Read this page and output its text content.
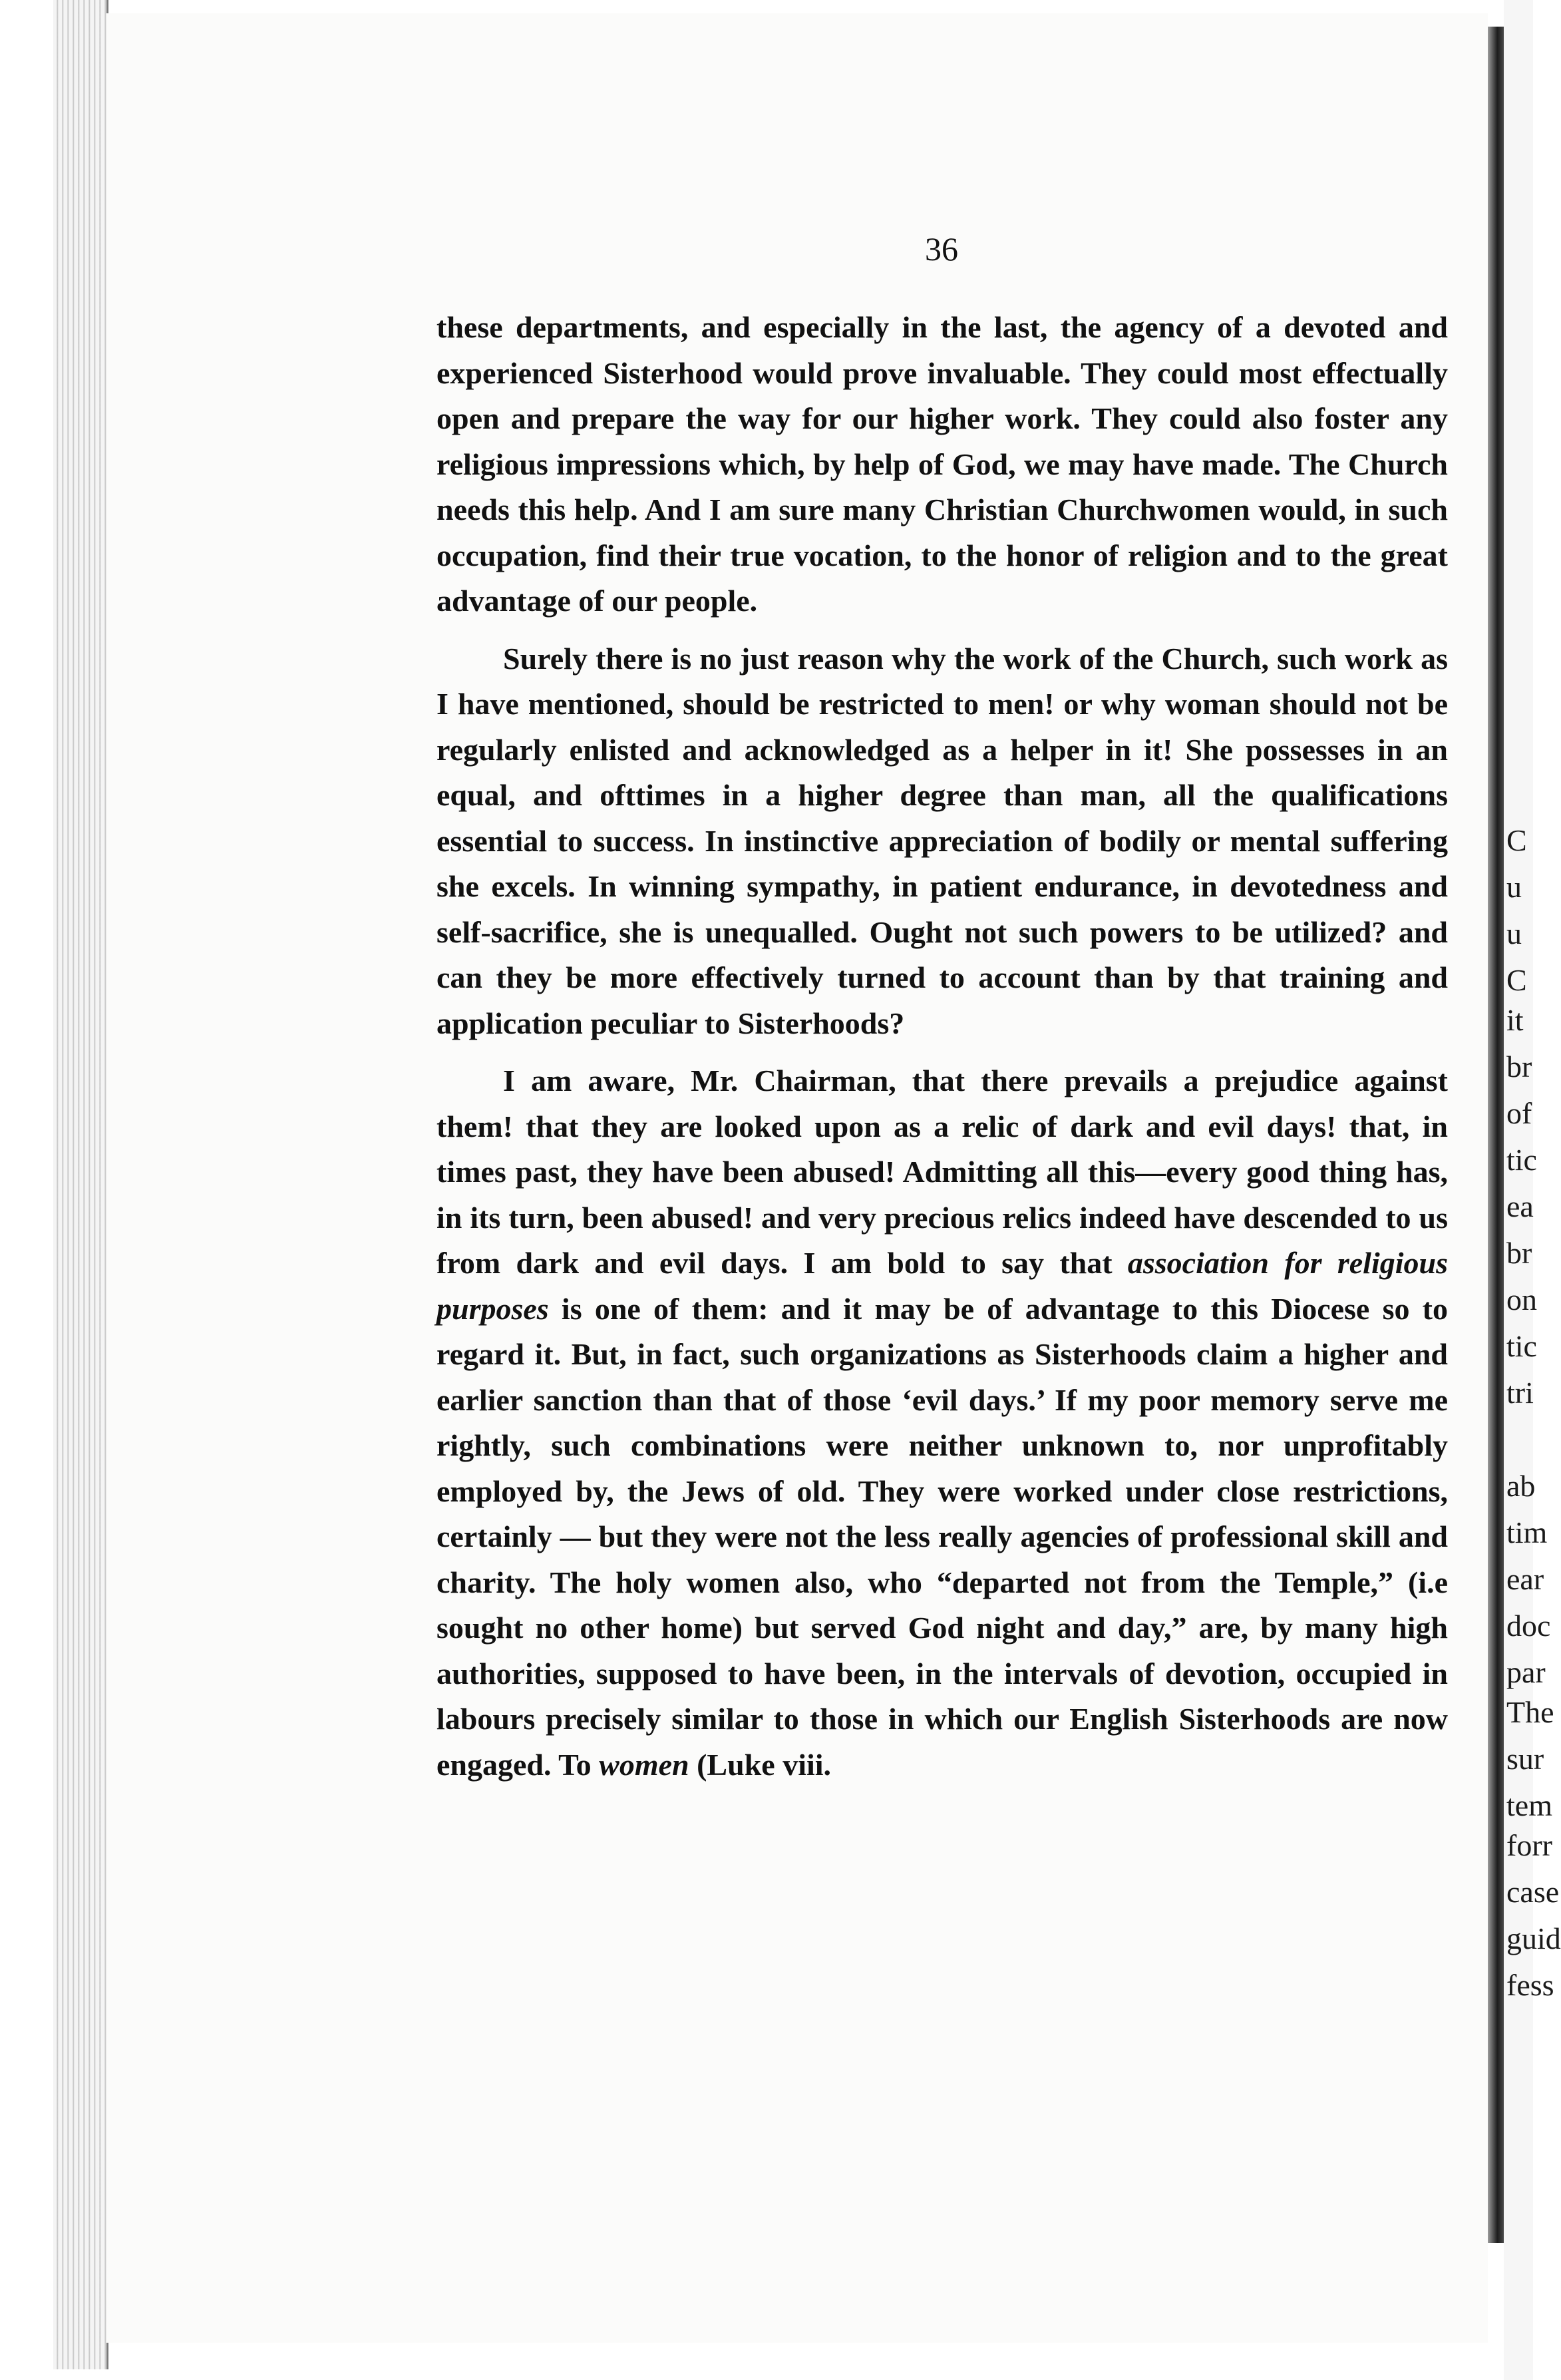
36

these departments, and especially in the last, the agency of a devoted and experienced Sisterhood would prove invaluable. They could most effectually open and prepare the way for our higher work. They could also foster any religious impressions which, by help of God, we may have made. The Church needs this help. And I am sure many Christian Churchwomen would, in such occupation, find their true vocation, to the honor of religion and to the great advantage of our people.

Surely there is no just reason why the work of the Church, such work as I have mentioned, should be restricted to men! or why woman should not be regularly enlisted and acknowledged as a helper in it! She possesses in an equal, and ofttimes in a higher degree than man, all the qualifications essential to success. In instinctive appreciation of bodily or mental suffering she excels. In winning sympathy, in patient endurance, in devotedness and self-sacrifice, she is unequalled. Ought not such powers to be utilized? and can they be more effectively turned to account than by that training and application peculiar to Sisterhoods?

I am aware, Mr. Chairman, that there prevails a prejudice against them! that they are looked upon as a relic of dark and evil days! that, in times past, they have been abused! Admitting all this—every good thing has, in its turn, been abused! and very precious relics indeed have descended to us from dark and evil days. I am bold to say that association for religious purposes is one of them: and it may be of advantage to this Diocese so to regard it. But, in fact, such organizations as Sisterhoods claim a higher and earlier sanction than that of those ‘evil days.’ If my poor memory serve me rightly, such combinations were neither unknown to, nor unprofitably employed by, the Jews of old. They were worked under close restrictions, certainly — but they were not the less really agencies of professional skill and charity. The holy women also, who “departed not from the Temple,” (i.e sought no other home) but served God night and day,” are, by many high authorities, supposed to have been, in the intervals of devotion, occupied in labours precisely similar to those in which our English Sisterhoods are now engaged. To women (Luke viii.

C
u
u
C
it
br
of
tic
ea
br
on
tic
tri
ab
tim
ear
doc
par
The
sur
tem
forr
case
guid
fess
